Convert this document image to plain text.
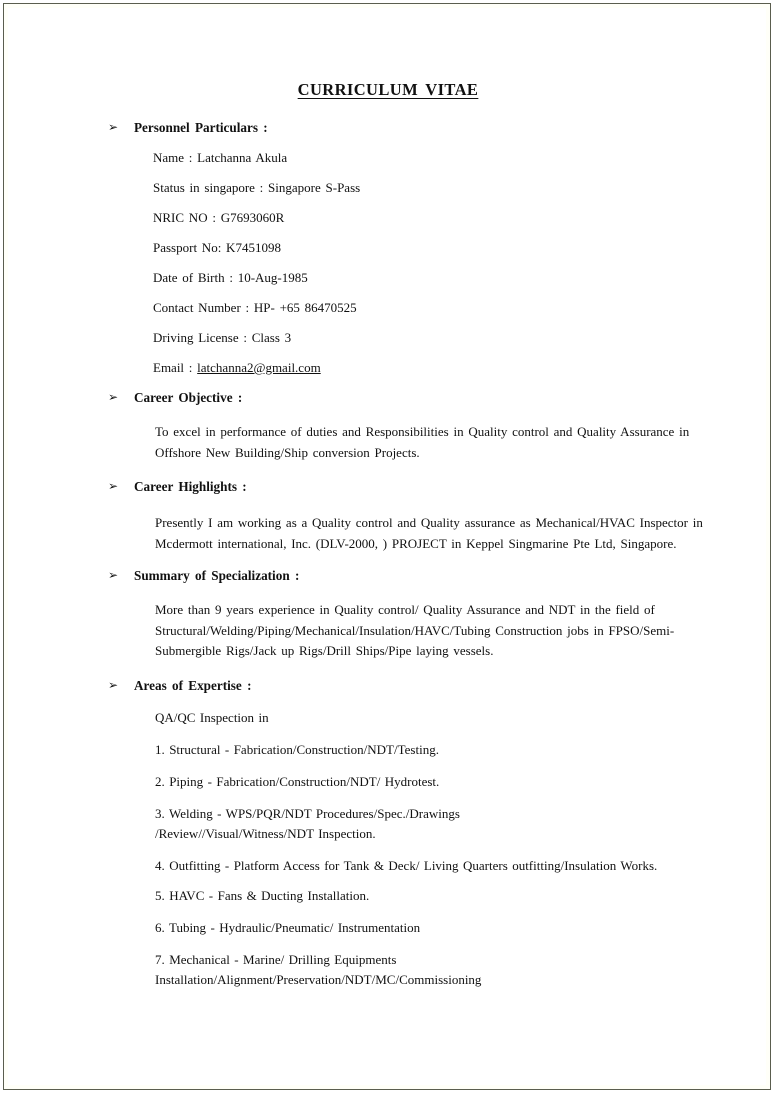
CURRICULUM VITAE
➢ Personnel Particulars :

Name : Latchanna Akula

Status in singapore : Singapore S-Pass

NRIC NO : G7693060R

Passport No: K7451098

Date of Birth : 10-Aug-1985

Contact Number : HP- +65 86470525

Driving License : Class 3

Email : latchanna2@gmail.com

➢ Career Objective :

To excel in performance of duties and Responsibilities in Quality control and Quality Assurance in Offshore New Building/Ship conversion Projects.

➢ Career Highlights :

Presently I am working as a Quality control and Quality assurance as Mechanical/HVAC Inspector in Mcdermott international, Inc. (DLV-2000, ) PROJECT in Keppel Singmarine Pte Ltd, Singapore.

➢ Summary of Specialization :

More than 9 years experience in Quality control/ Quality Assurance and NDT in the field of Structural/Welding/Piping/Mechanical/Insulation/HAVC/Tubing Construction jobs in FPSO/Semi-Submergible Rigs/Jack up Rigs/Drill Ships/Pipe laying vessels.

➢ Areas of Expertise :

QA/QC Inspection in

1. Structural - Fabrication/Construction/NDT/Testing.

2. Piping - Fabrication/Construction/NDT/ Hydrotest.

3. Welding - WPS/PQR/NDT Procedures/Spec./Drawings

/Review//Visual/Witness/NDT Inspection.

4. Outfitting - Platform Access for Tank & Deck/ Living Quarters outfitting/Insulation Works.

5. HAVC - Fans & Ducting Installation.

6. Tubing - Hydraulic/Pneumatic/ Instrumentation

7. Mechanical - Marine/ Drilling Equipments

Installation/Alignment/Preservation/NDT/MC/Commissioning
